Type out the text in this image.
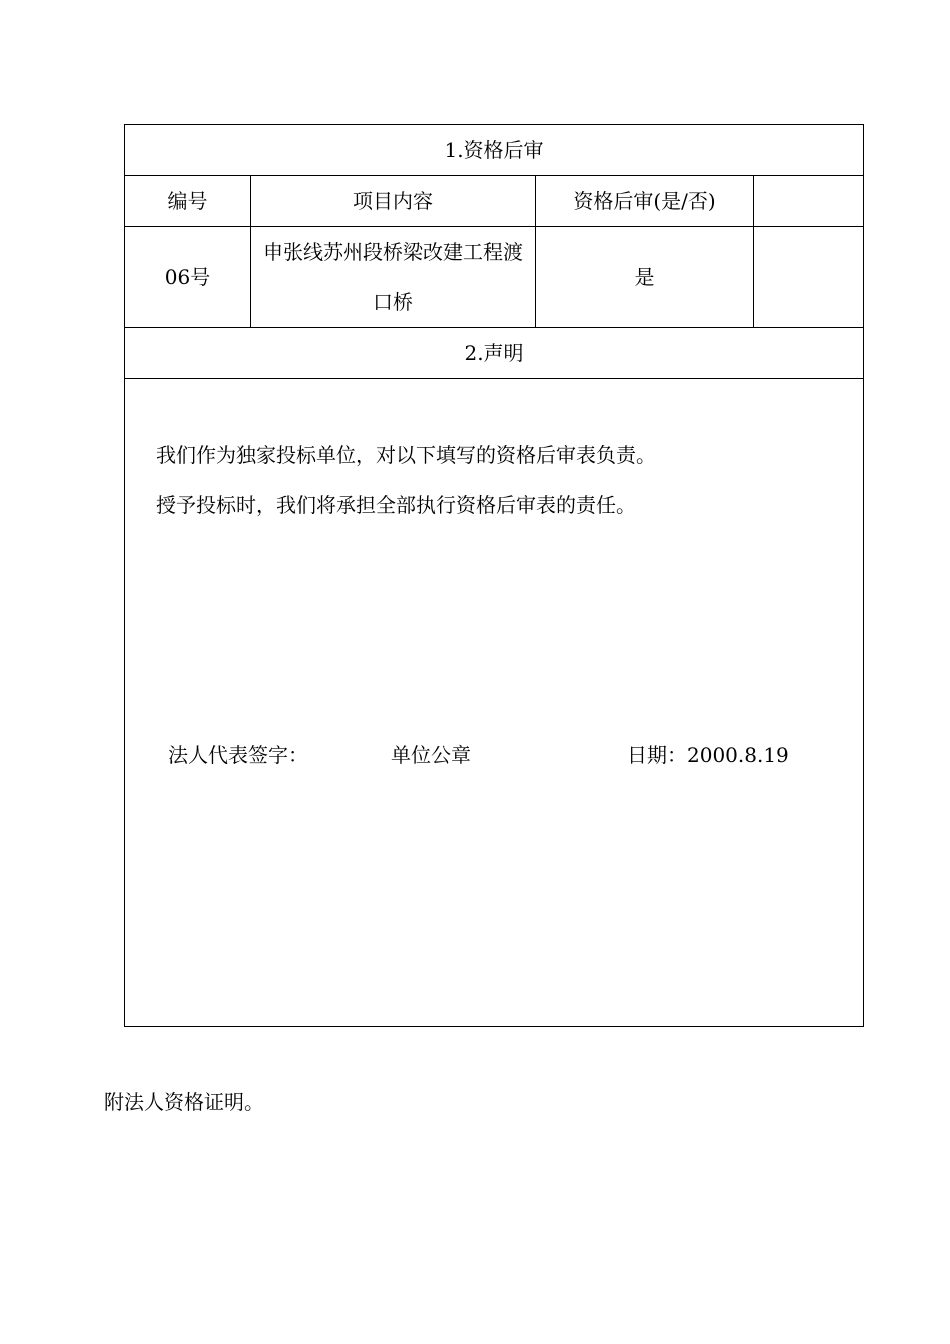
1.资格后审			
编号	项目内容	资格后审(是/否)	
06号	申张线苏州段桥梁改建工程渡口桥	是	
2.声明			

我们作为独家投标单位，对以下填写的资格后审表负责。
授予投标时，我们将承担全部执行资格后审表的责任。
法人代表签字： 单位公章 日期：2000.8.19			
附法人资格证明。
